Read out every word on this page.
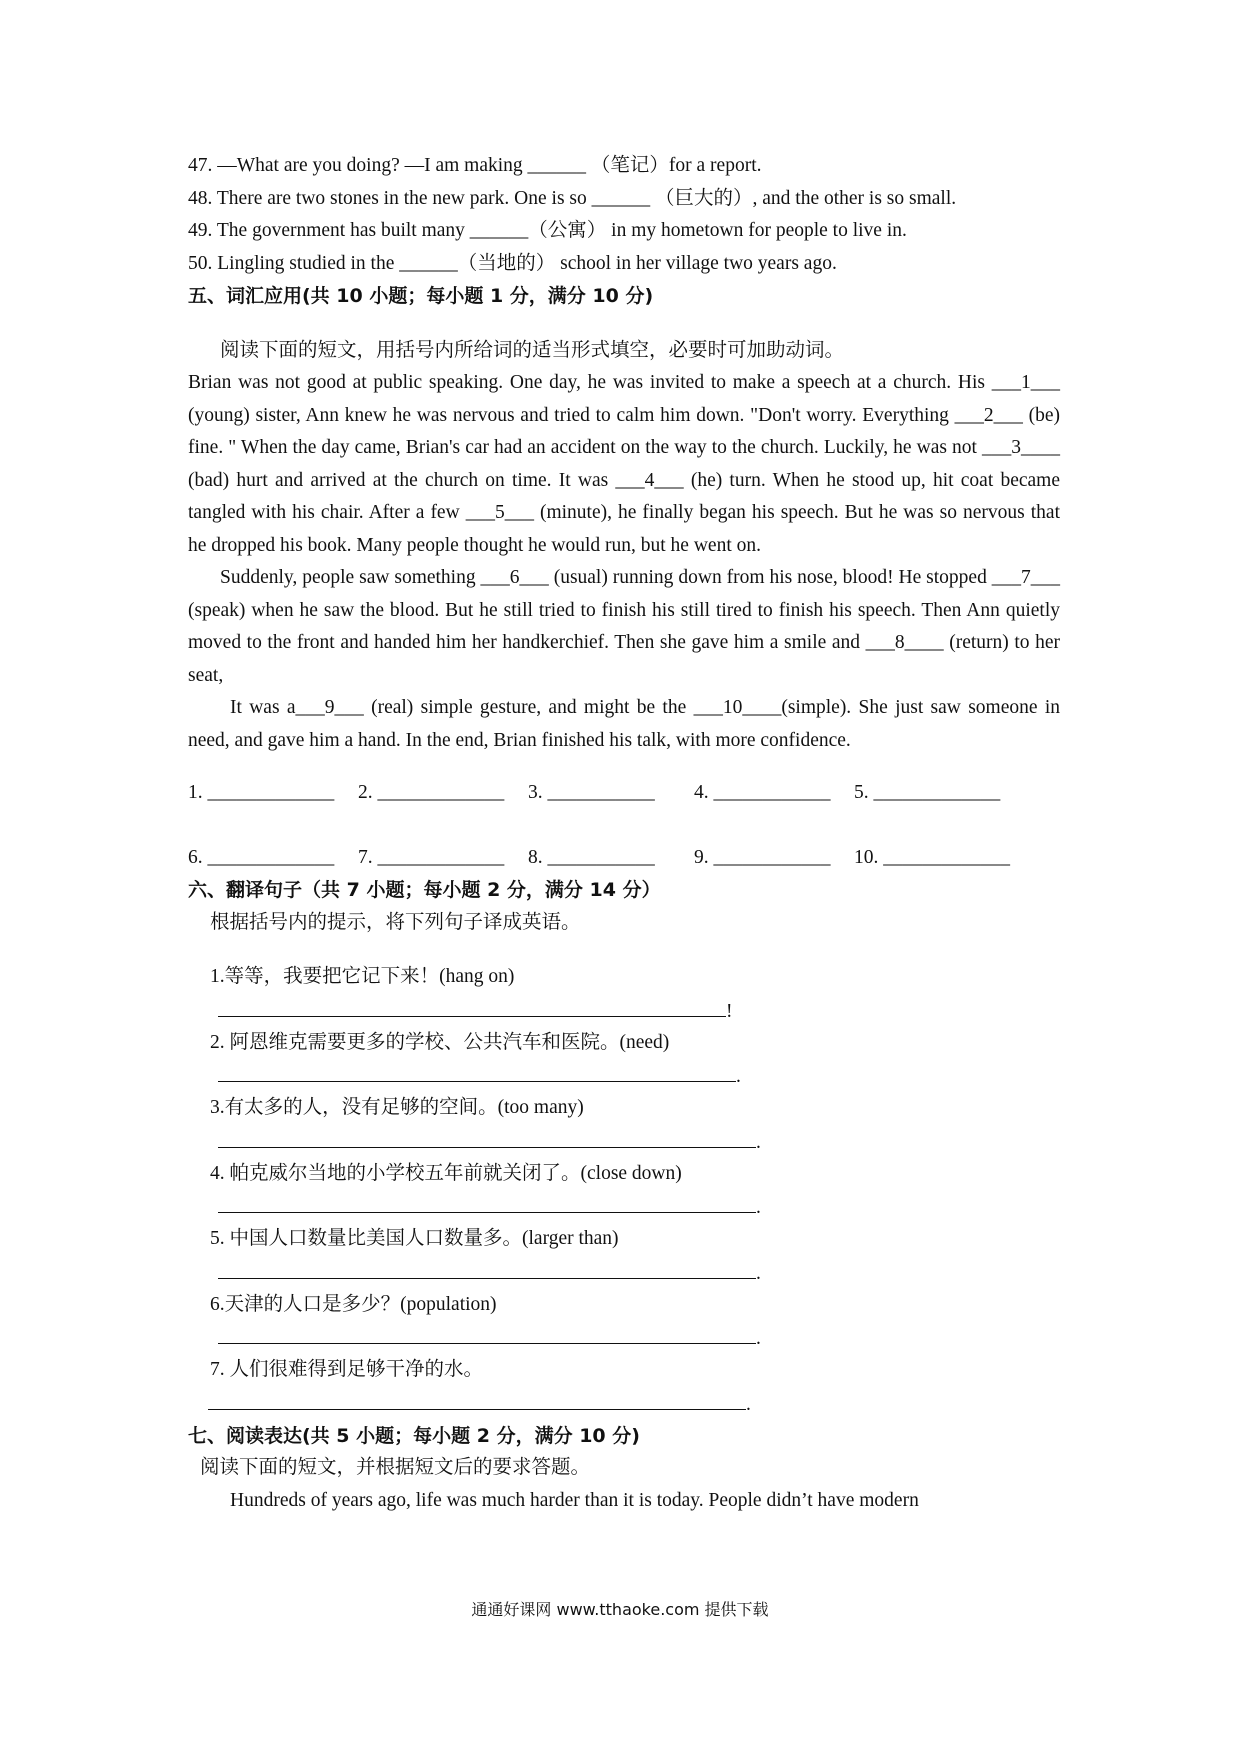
47. —What are you doing? —I am making ______ （笔记）for a report.
48. There are two stones in the new park. One is so ______ （巨大的）, and the other is so small.
49. The government has built many ______（公寓） in my hometown for people to live in.
50. Lingling studied in the ______（当地的） school in her village two years ago.
五、词汇应用(共 10 小题；每小题 1 分，满分 10 分)
阅读下面的短文，用括号内所给词的适当形式填空，必要时可加助动词。
Brian was not good at public speaking. One day, he was invited to make a speech at a church. His ___1___ (young) sister, Ann knew he was nervous and tried to calm him down. "Don't worry. Everything ___2___ (be) fine. " When the day came, Brian's car had an accident on the way to the church. Luckily, he was not ___3____ (bad) hurt and arrived at the church on time. It was ___4___ (he) turn. When he stood up, hit coat became tangled with his chair. After a few ___5___ (minute), he finally began his speech. But he was so nervous that he dropped his book. Many people thought he would run, but he went on.
Suddenly, people saw something ___6___ (usual) running down from his nose, blood! He stopped ___7___ (speak) when he saw the blood. But he still tried to finish his still tired to finish his speech. Then Ann quietly moved to the front and handed him her handkerchief. Then she gave him a smile and ___8____ (return) to her seat,
It was a___9___ (real) simple gesture, and might be the ___10____(simple). She just saw someone in need, and gave him a hand. In the end, Brian finished his talk, with more confidence.
1. _____________	2. _____________	3. ___________	4. ____________	5. _____________
6. _____________	7. _____________	8. ___________	9. ____________	10. _____________
六、翻译句子（共 7 小题；每小题 2 分，满分 14 分）
根据括号内的提示，将下列句子译成英语。
1.等等，我要把它记下来！(hang on)
!
2. 阿恩维克需要更多的学校、公共汽车和医院。(need)
.
3.有太多的人，没有足够的空间。(too many)
.
4. 帕克威尔当地的小学校五年前就关闭了。(close down)
.
5. 中国人口数量比美国人口数量多。(larger than)
.
6.天津的人口是多少？(population)
.
7. 人们很难得到足够干净的水。
.
七、阅读表达(共 5 小题；每小题 2 分，满分 10 分)
阅读下面的短文，并根据短文后的要求答题。
Hundreds of years ago, life was much harder than it is today. People didn’t have modern
通通好课网 www.tthaoke.com 提供下载
